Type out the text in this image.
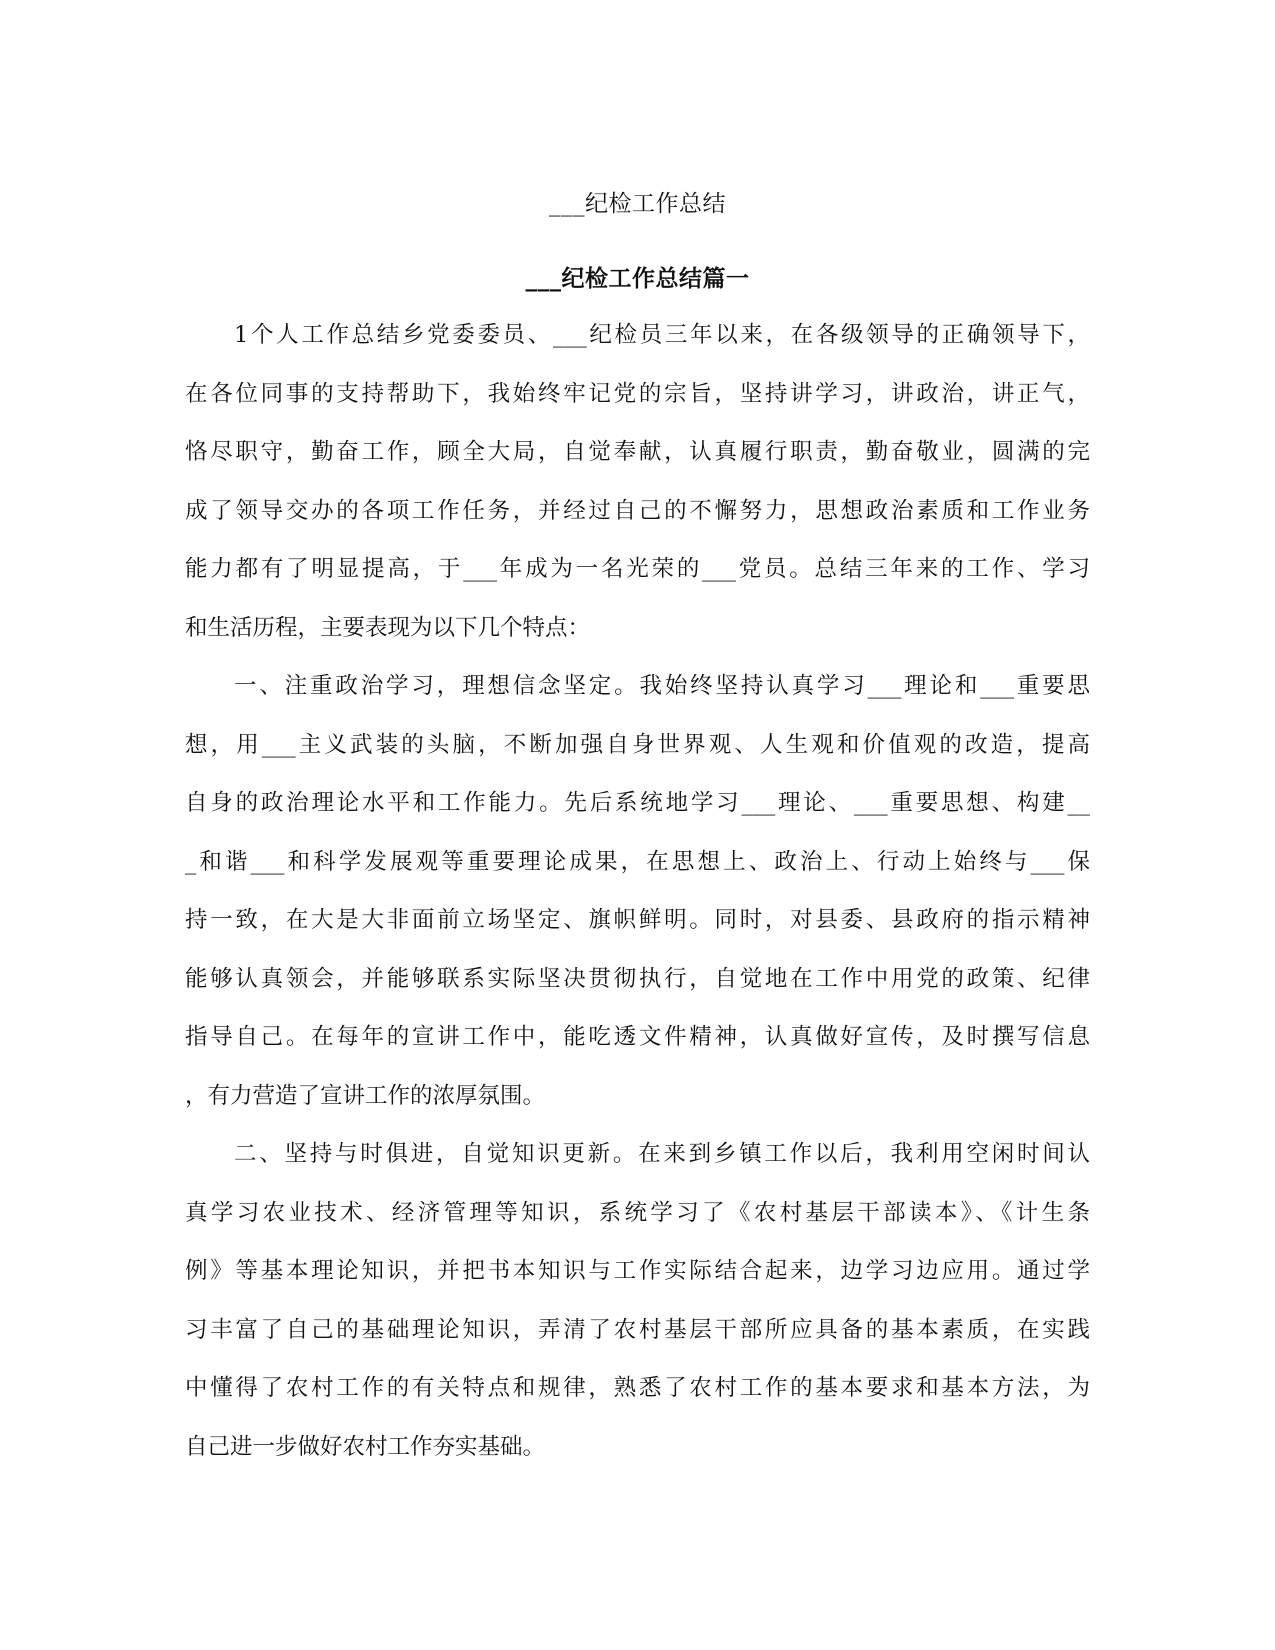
___纪检工作总结
___纪检工作总结篇一
1个人工作总结乡党委委员、___纪检员三年以来，在各级领导的正确领导下，
在各位同事的支持帮助下，我始终牢记党的宗旨，坚持讲学习，讲政治，讲正气，
恪尽职守，勤奋工作，顾全大局，自觉奉献，认真履行职责，勤奋敬业，圆满的完
成了领导交办的各项工作任务，并经过自己的不懈努力，思想政治素质和工作业务
能力都有了明显提高，于___年成为一名光荣的___党员。总结三年来的工作、学习
和生活历程，主要表现为以下几个特点：
一、注重政治学习，理想信念坚定。我始终坚持认真学习___理论和___重要思
想，用___主义武装的头脑，不断加强自身世界观、人生观和价值观的改造，提高
自身的政治理论水平和工作能力。先后系统地学习___理论、___重要思想、构建__
_和谐___和科学发展观等重要理论成果，在思想上、政治上、行动上始终与___保
持一致，在大是大非面前立场坚定、旗帜鲜明。同时，对县委、县政府的指示精神
能够认真领会，并能够联系实际坚决贯彻执行，自觉地在工作中用党的政策、纪律
指导自己。在每年的宣讲工作中，能吃透文件精神，认真做好宣传，及时撰写信息
，有力营造了宣讲工作的浓厚氛围。
二、坚持与时俱进，自觉知识更新。在来到乡镇工作以后，我利用空闲时间认
真学习农业技术、经济管理等知识，系统学习了《农村基层干部读本》、《计生条
例》等基本理论知识，并把书本知识与工作实际结合起来，边学习边应用。通过学
习丰富了自己的基础理论知识，弄清了农村基层干部所应具备的基本素质，在实践
中懂得了农村工作的有关特点和规律，熟悉了农村工作的基本要求和基本方法，为
自己进一步做好农村工作夯实基础。
